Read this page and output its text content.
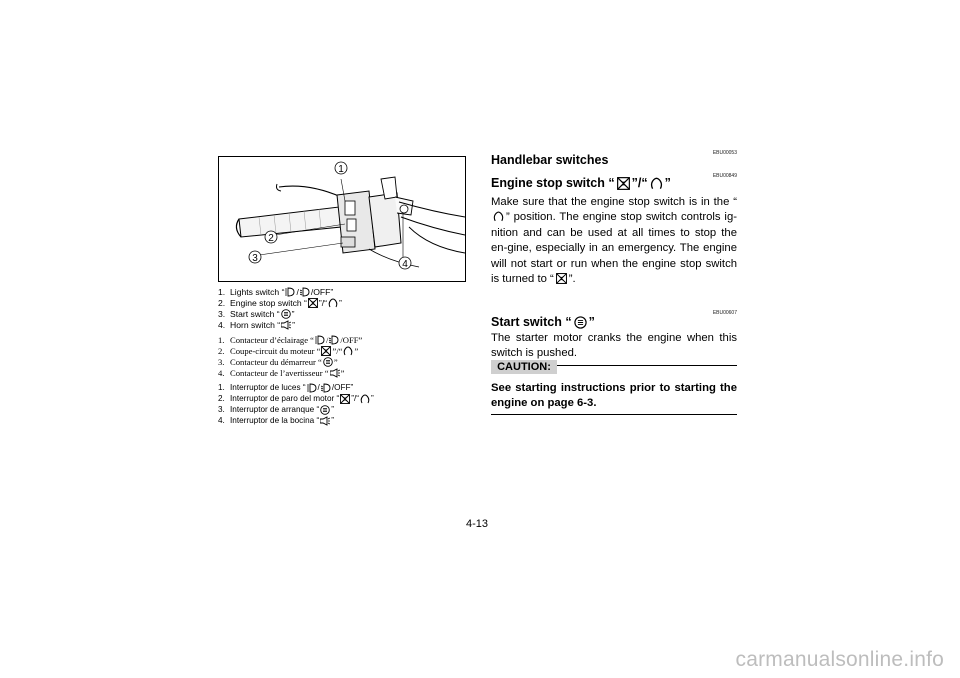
1
2
3
4
1. Lights switch “ / /OFF”
2. Engine stop switch “ ”/“ ”
3. Start switch “ ”
4. Horn switch “ ”
1. Contacteur d’éclairage “ / /OFF”
2. Coupe-circuit du moteur “ ”/“ ”
3. Contacteur du démarreur “ ”
4. Contacteur de l’avertisseur “ ”
1. Interruptor de luces “ / /OFF”
2. Interruptor de paro del motor “ ”/“ ”
3. Interruptor de arranque “ ”
4. Interruptor de la bocina “ ”
EBU00053
Handlebar switches
EBU00849
Engine stop switch “ ”/“ ”

Make sure that the engine stop switch is in the “
” position. The engine stop switch controls ig-nition and can be used at all times to stop the en-gine, especially in an emergency. The engine will not start or run when the engine stop switch is turned to “ ”.

EBU00607
Start switch “ ”

The starter motor cranks the engine when this switch is pushed.

CAUTION:

See starting instructions prior to starting the engine on page 6-3.

4-13
carmanualsonline.info
